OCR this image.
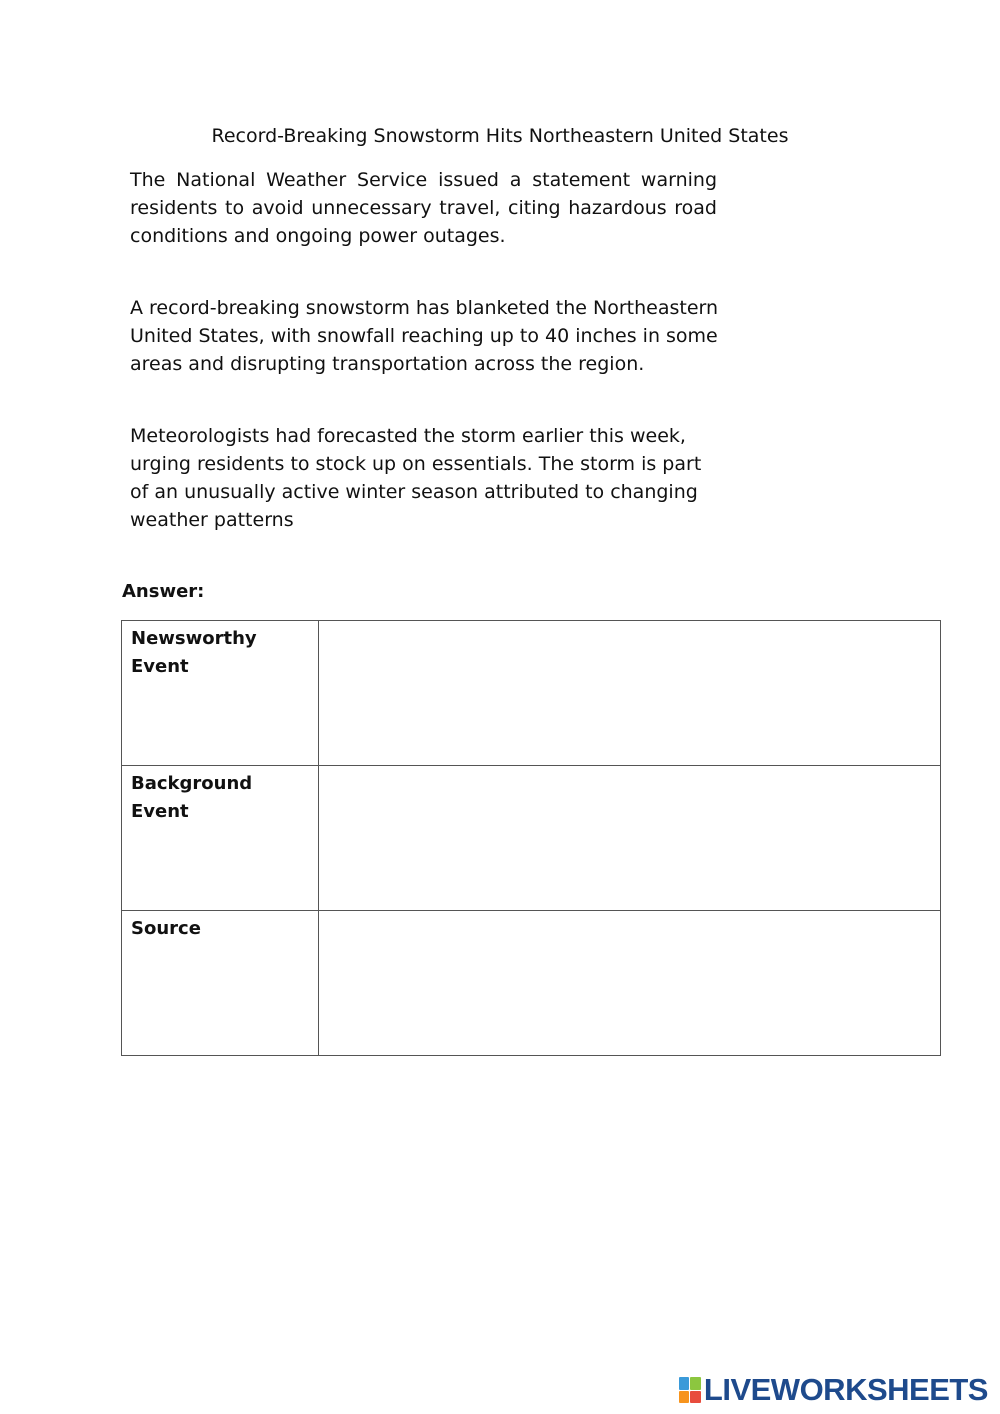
Record-Breaking Snowstorm Hits Northeastern United States

The National Weather Service issued a statement warning residents to avoid unnecessary travel, citing hazardous road conditions and ongoing power outages.

A record-breaking snowstorm has blanketed the Northeastern United States, with snowfall reaching up to 40 inches in some areas and disrupting transportation across the region.

Meteorologists had forecasted the storm earlier this week, urging residents to stock up on essentials. The storm is part of an unusually active winter season attributed to changing weather patterns

Answer:
Newsworthy Event	
Background Event	
Source	
LIVEWORKSHEETS
